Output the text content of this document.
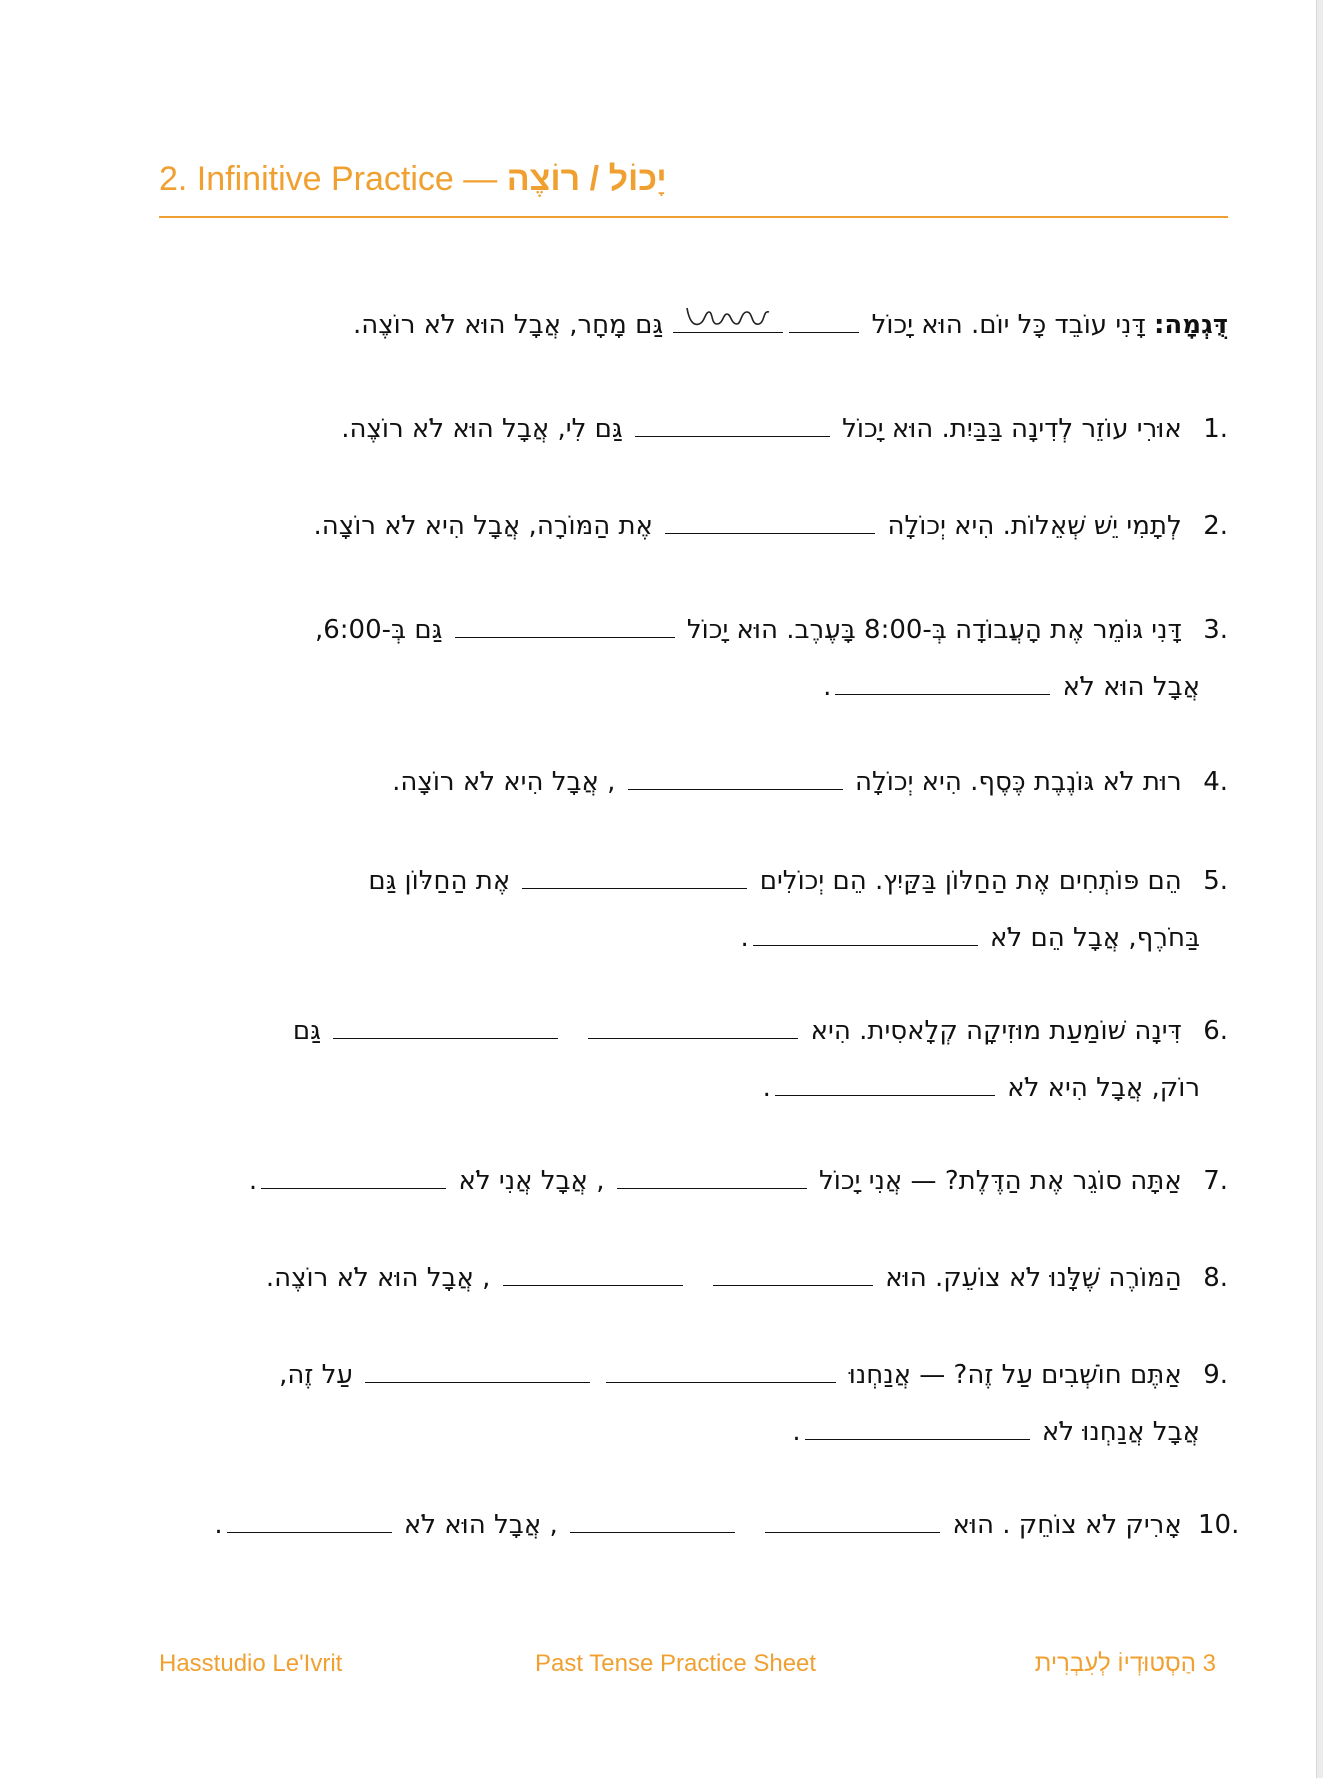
2. Infinitive Practice — יָכוֹל / רוֹצֶה
דֻּגְמָה: דָּנִי עוֹבֵד כָּל יוֹם. הוּא יָכוֹל
גַּם מָחָר, אֲבָל הוּא לֹא רוֹצֶה.
1. אוּרִי עוֹזֵר לְדִינָה בַּבַּיִת. הוּא יָכוֹל  גַּם לִי, אֲבָל הוּא לֹא רוֹצֶה.
2. לְתָמִי יֵשׁ שְׁאֵלוֹת. הִיא יְכוֹלָה  אֶת הַמּוֹרָה, אֲבָל הִיא לֹא רוֹצָה.
3. דָּנִי גּוֹמֵר אֶת הָעֲבוֹדָה בְּ-8:00 בָּעֶרֶב. הוּא יָכוֹל  גַּם בְּ-6:00,
אֲבָל הוּא לֹא .
4. רוּת לֹא גּוֹנֶבֶת כֶּסֶף. הִיא יְכוֹלָה  , אֲבָל הִיא לֹא רוֹצָה.
5. הֵם פּוֹתְחִים אֶת הַחַלּוֹן בַּקַּיִץ. הֵם יְכוֹלִים  אֶת הַחַלּוֹן גַּם
בַּחֹרֶף, אֲבָל הֵם לֹא .
6. דִּינָה שׁוֹמַעַת מוּזִיקָה קְלָאסִית. הִיא   גַּם
רוֹק, אֲבָל הִיא לֹא .
7. אַתָּה סוֹגֵר אֶת הַדֶּלֶת? — אֲנִי יָכוֹל  , אֲבָל אֲנִי לֹא .
8. הַמּוֹרֶה שֶׁלָּנוּ לֹא צוֹעֵק. הוּא   , אֲבָל הוּא לֹא רוֹצֶה.
9. אַתֶּם חוֹשְׁבִים עַל זֶה? — אֲנַחְנוּ   עַל זֶה,
אֲבָל אֲנַחְנוּ לֹא .
10. אָרִיק לֹא צוֹחֵק . הוּא   , אֲבָל הוּא לֹא .
Hasstudio Le'Ivrit	Past Tense Practice Sheet	3 הַסְטוּדְיוֹ לְעִבְרִית
